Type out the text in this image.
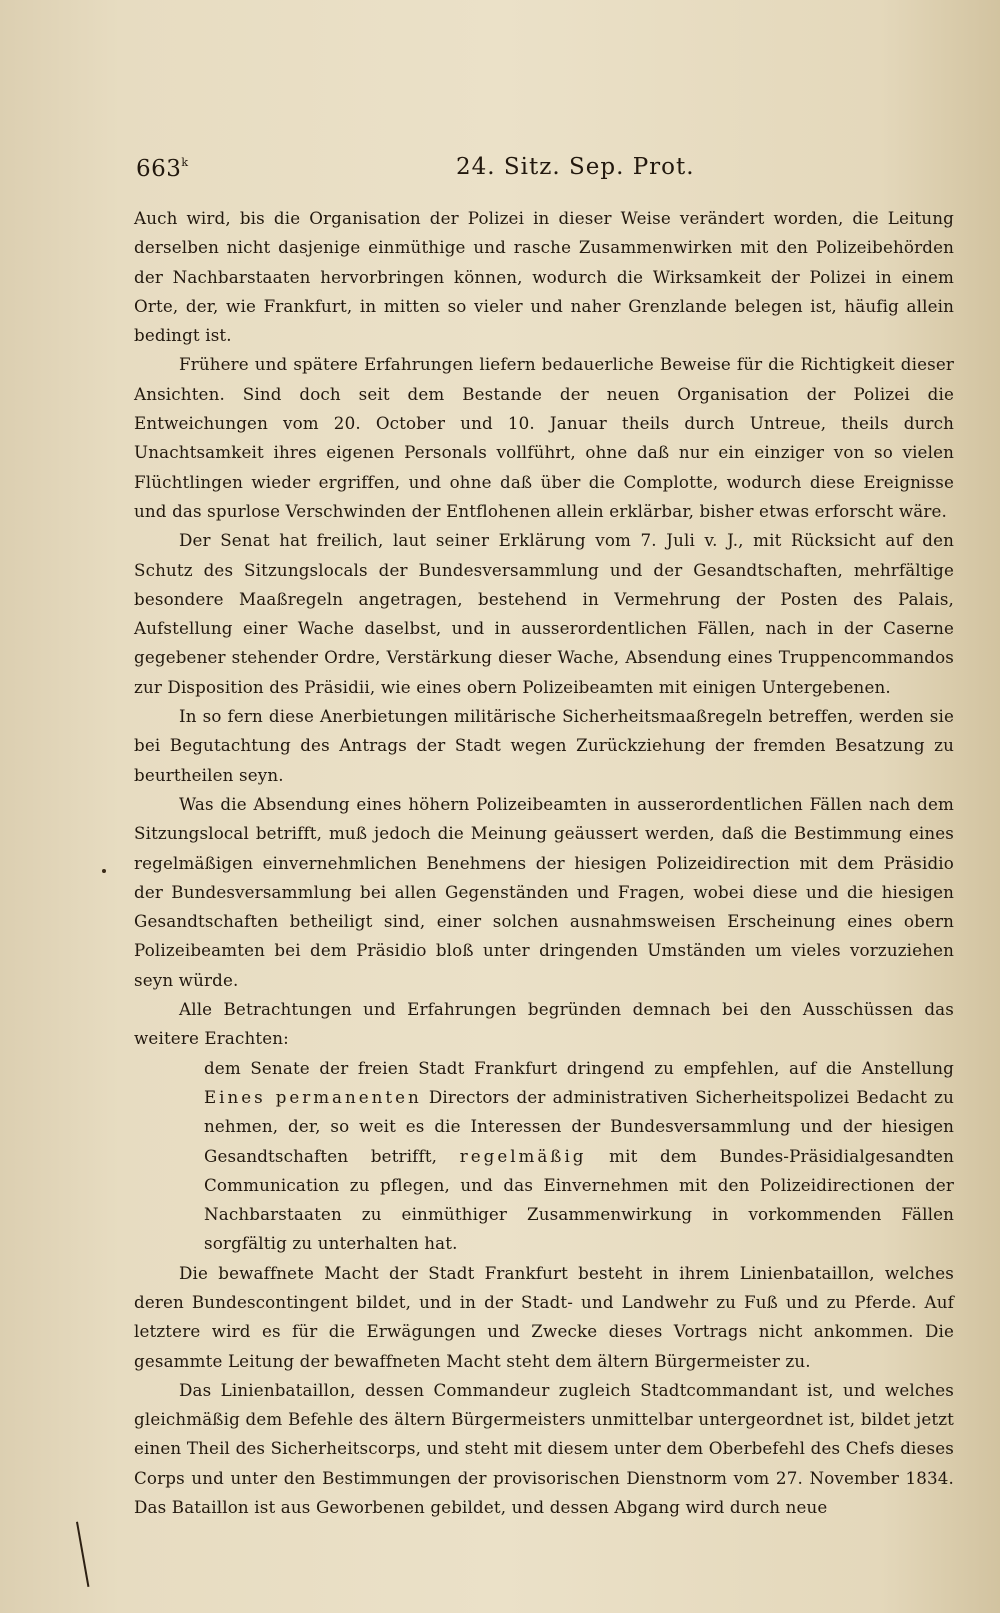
663$^k$	24. Sitz. Sep. Prot.

Auch wird, bis die Organisation der Polizei in dieser Weise verändert worden, die Leitung derselben nicht dasjenige einmüthige und rasche Zusammenwirken mit den Polizeibehörden der Nachbarstaaten hervorbringen können, wodurch die Wirksamkeit der Polizei in einem Orte, der, wie Frankfurt, in mitten so vieler und naher Grenzlande belegen ist, häufig allein bedingt ist.

Frühere und spätere Erfahrungen liefern bedauerliche Beweise für die Richtigkeit dieser Ansichten. Sind doch seit dem Bestande der neuen Organisation der Polizei die Entweichungen vom 20. October und 10. Januar theils durch Untreue, theils durch Unachtsamkeit ihres eigenen Personals vollführt, ohne daß nur ein einziger von so vielen Flüchtlingen wieder ergriffen, und ohne daß über die Complotte, wodurch diese Ereignisse und das spurlose Verschwinden der Entflohenen allein erklärbar, bisher etwas erforscht wäre.

Der Senat hat freilich, laut seiner Erklärung vom 7. Juli v. J., mit Rücksicht auf den Schutz des Sitzungslocals der Bundesversammlung und der Gesandtschaften, mehrfältige besondere Maaßregeln angetragen, bestehend in Vermehrung der Posten des Palais, Aufstellung einer Wache daselbst, und in ausserordentlichen Fällen, nach in der Caserne gegebener stehender Ordre, Verstärkung dieser Wache, Absendung eines Truppencommandos zur Disposition des Präsidii, wie eines obern Polizeibeamten mit einigen Untergebenen.

In so fern diese Anerbietungen militärische Sicherheitsmaaßregeln betreffen, werden sie bei Begutachtung des Antrags der Stadt wegen Zurückziehung der fremden Besatzung zu beurtheilen seyn.

Was die Absendung eines höhern Polizeibeamten in ausserordentlichen Fällen nach dem Sitzungslocal betrifft, muß jedoch die Meinung geäussert werden, daß die Bestimmung eines regelmäßigen einvernehmlichen Benehmens der hiesigen Polizeidirection mit dem Präsidio der Bundesversammlung bei allen Gegenständen und Fragen, wobei diese und die hiesigen Gesandtschaften betheiligt sind, einer solchen ausnahmsweisen Erscheinung eines obern Polizeibeamten bei dem Präsidio bloß unter dringenden Umständen um vieles vorzuziehen seyn würde.

Alle Betrachtungen und Erfahrungen begründen demnach bei den Ausschüssen das weitere Erachten:

dem Senate der freien Stadt Frankfurt dringend zu empfehlen, auf die Anstellung Eines permanenten Directors der administrativen Sicherheitspolizei Bedacht zu nehmen, der, so weit es die Interessen der Bundesversammlung und der hiesigen Gesandtschaften betrifft, regelmäßig mit dem Bundes-Präsidialgesandten Communication zu pflegen, und das Einvernehmen mit den Polizeidirectionen der Nachbarstaaten zu einmüthiger Zusammenwirkung in vorkommenden Fällen sorgfältig zu unterhalten hat.

Die bewaffnete Macht der Stadt Frankfurt besteht in ihrem Linienbataillon, welches deren Bundescontingent bildet, und in der Stadt- und Landwehr zu Fuß und zu Pferde. Auf letztere wird es für die Erwägungen und Zwecke dieses Vortrags nicht ankommen. Die gesammte Leitung der bewaffneten Macht steht dem ältern Bürgermeister zu.

Das Linienbataillon, dessen Commandeur zugleich Stadtcommandant ist, und welches gleichmäßig dem Befehle des ältern Bürgermeisters unmittelbar untergeordnet ist, bildet jetzt einen Theil des Sicherheitscorps, und steht mit diesem unter dem Oberbefehl des Chefs dieses Corps und unter den Bestimmungen der provisorischen Dienstnorm vom 27. November 1834. Das Bataillon ist aus Geworbenen gebildet, und dessen Abgang wird durch neue
